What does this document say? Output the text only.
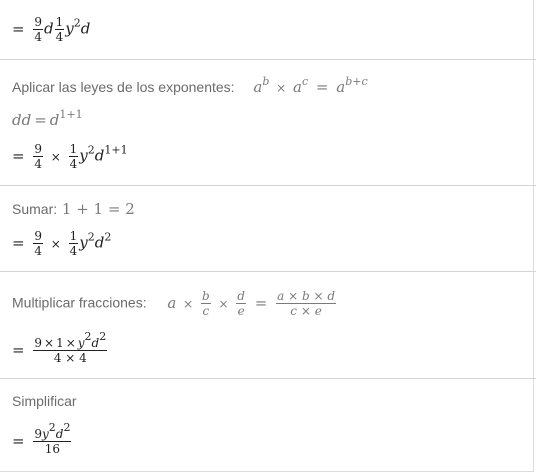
= $\frac{9}{4}$ d $\frac{1}{4} y^2d$
Aplicar las leyes de los exponentes: $a^b \times a^c = a^{b+c}$
dd = $d^{1+1}$
= $\frac{9}{4} \times \frac{1}{4} y^2d^{1+1}$
Sumar: 1 + 1 = 2
= $\frac{9}{4} \times \frac{1}{4} y^2d^2$
Multiplicar fracciones: $a \times \frac{b}{c} \times \frac{d}{e} = \frac{a \times b \times d}{c \times e}$
= $\frac{9 \times 1 \times y^2d^2}{4 \times 4}$
Simplificar
= $\frac{9y^2d^2}{16}$
